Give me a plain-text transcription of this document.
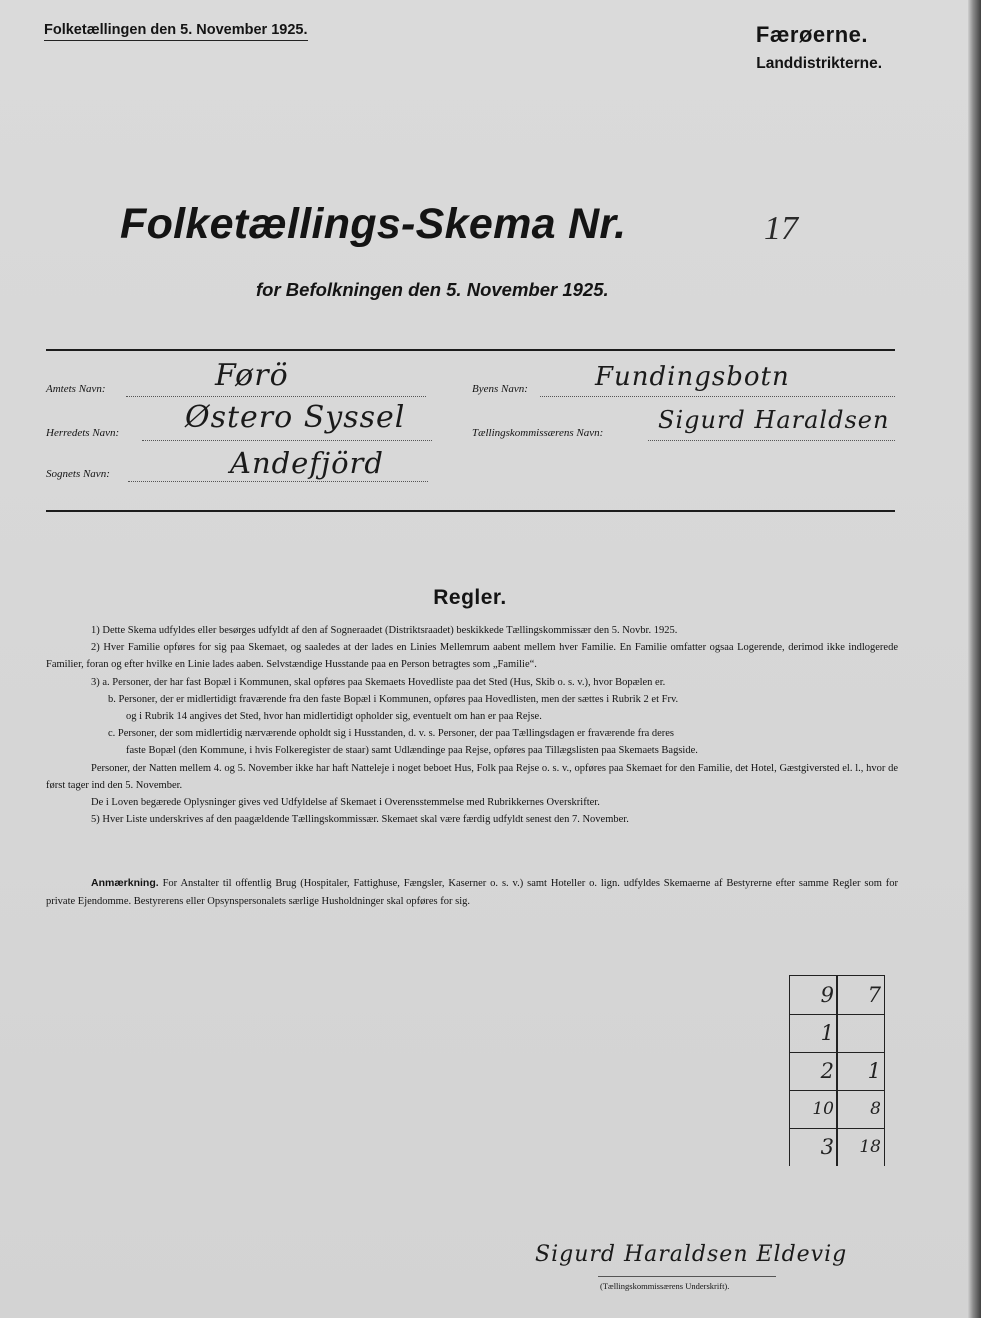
Folketællingen den 5. November 1925.	Færøerne.
Landdistrikterne.
Folketællings-Skema Nr.	17
for Befolkningen den 5. November 1925.
Amtets Navn:	Førö
Herredets Navn: Østero Syssel
Sognets Navn:	Andefjörd
Byens Navn:	Fundingsbotn
Tællingskommissærens Navn: Sigurd Haraldsen
Regler.

1) Dette Skema udfyldes eller besørges udfyldt af den af Sogneraadet (Distriktsraadet) beskikkede Tællingskommissær den 5. Novbr. 1925.

2) Hver Familie opføres for sig paa Skemaet, og saaledes at der lades en Linies Mellemrum aabent mellem hver Familie. En Familie omfatter ogsaa Logerende, derimod ikke indlogerede Familier, foran og efter hvilke en Linie lades aaben. Selvstændige Husstande paa en Person betragtes som „Familie“.

3) a. Personer, der har fast Bopæl i Kommunen, skal opføres paa Skemaets Hovedliste paa det Sted (Hus, Skib o. s. v.), hvor Bopælen er.

b. Personer, der er midlertidigt fraværende fra den faste Bopæl i Kommunen, opføres paa Hovedlisten, men der sættes i Rubrik 2 et Frv.

og i Rubrik 14 angives det Sted, hvor han midlertidigt opholder sig, eventuelt om han er paa Rejse.

c. Personer, der som midlertidig nærværende opholdt sig i Husstanden, d. v. s. Personer, der paa Tællingsdagen er fraværende fra deres

faste Bopæl (den Kommune, i hvis Folkeregister de staar) samt Udlændinge paa Rejse, opføres paa Tillægslisten paa Skemaets Bagside.

Personer, der Natten mellem 4. og 5. November ikke har haft Natteleje i noget beboet Hus, Folk paa Rejse o. s. v., opføres paa Skemaet for den Familie, det Hotel, Gæstgiversted el. l., hvor de først tager ind den 5. November.

De i Loven begærede Oplysninger gives ved Udfyldelse af Skemaet i Overensstemmelse med Rubrikkernes Overskrifter.

5) Hver Liste underskrives af den paagældende Tællingskommissær. Skemaet skal være færdig udfyldt senest den 7. November.

Anmærkning. For Anstalter til offentlig Brug (Hospitaler, Fattighuse, Fængsler, Kaserner o. s. v.) samt Hoteller o. lign. udfyldes Skemaerne af Bestyrerne efter samme Regler som for private Ejendomme. Bestyrerens eller Opsynspersonalets særlige Husholdninger skal opføres for sig.
9	7
1
2	1
10	8
3	18
Sigurd Haraldsen Eldevig
(Tællingskommissærens Underskrift).
